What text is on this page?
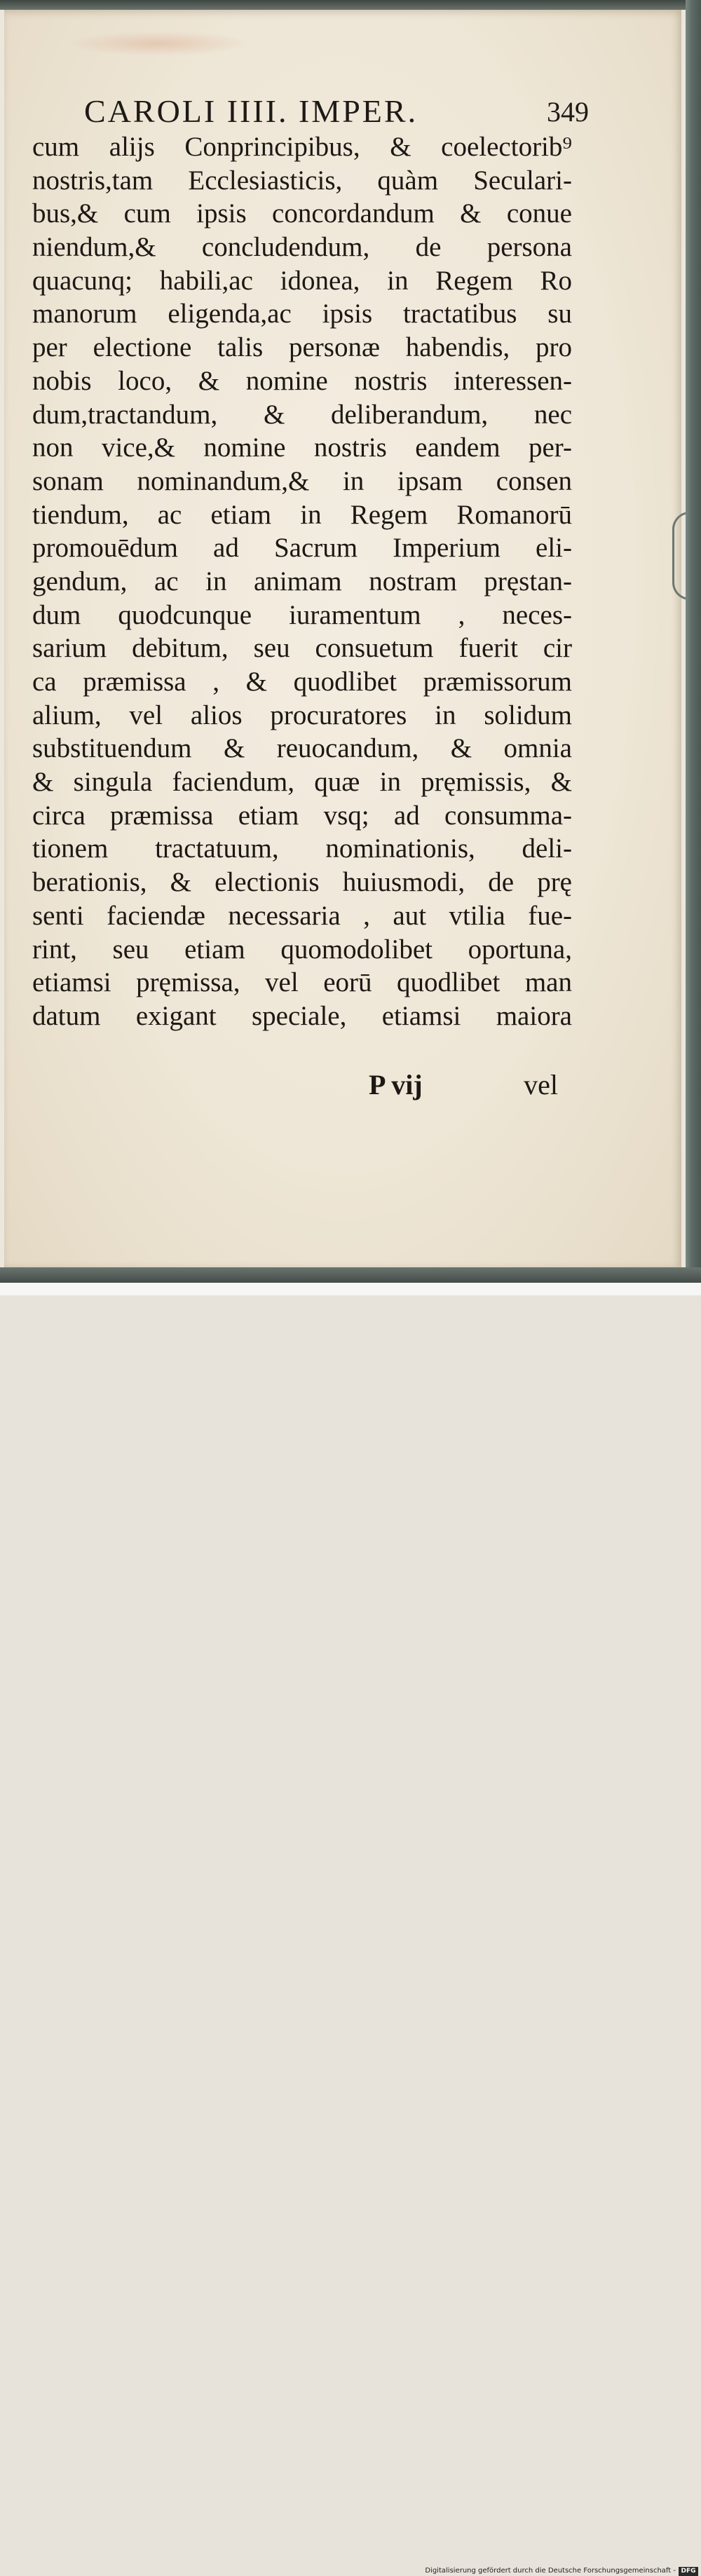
CAROLI IIII. IMPER.	349
cum alijs Conprincipibus, & coelectorib⁹
nostris,tam Ecclesiasticis, quàm Seculari-
bus,& cum ipsis concordandum & conue
niendum,& concludendum, de persona
quacunq; habili,ac idonea, in Regem Ro
manorum eligenda,ac ipsis tractatibus su
per electione talis personæ habendis, pro
nobis loco, & nomine nostris interessen-
dum,tractandum, & deliberandum, nec
non vice,& nomine nostris eandem per-
sonam nominandum,& in ipsam consen
tiendum, ac etiam in Regem Romanorū
promouēdum ad Sacrum Imperium eli-
gendum, ac in animam nostram pręstan-
dum quodcunque iuramentum , neces-
sarium debitum, seu consuetum fuerit cir
ca præmissa , & quodlibet præmissorum
alium, vel alios procuratores in solidum
substituendum & reuocandum, & omnia
& singula faciendum, quæ in pręmissis, &
circa præmissa etiam vsq; ad consumma-
tionem tractatuum, nominationis, deli-
berationis, & electionis huiusmodi, de prę
senti faciendæ necessaria , aut vtilia fue-
rint, seu etiam quomodolibet oportuna,
etiamsi pręmissa, vel eorū quodlibet man
datum exigant speciale, etiamsi maiora
P vij	vel
Digitalisierung gefördert durch die Deutsche Forschungsgemeinschaft - DFG
